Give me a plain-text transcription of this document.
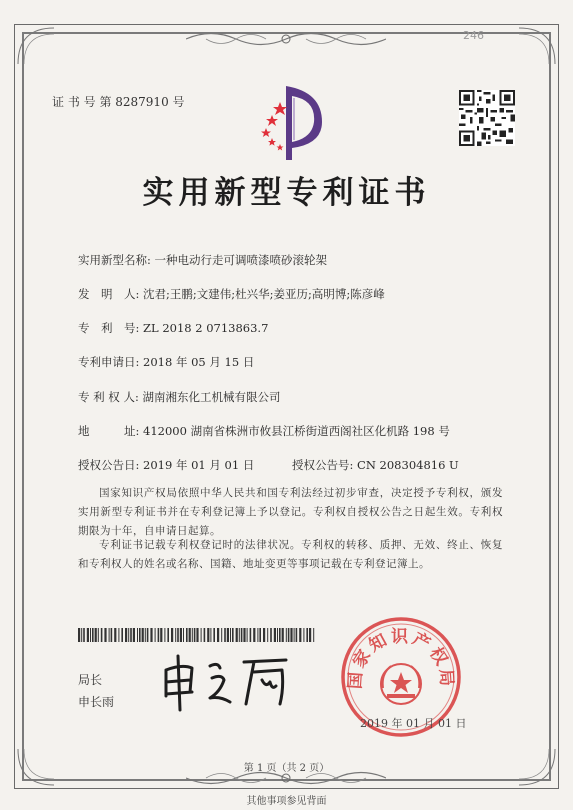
246
证 书 号 第 8287910 号
实用新型专利证书
实用新型名称: 一种电动行走可调喷漆喷砂滚轮架
发　明　人: 沈君;王鹏;文建伟;杜兴华;姜亚历;高明博;陈彦峰
专　利　号: ZL 2018 2 0713863.7
专利申请日: 2018 年 05 月 15 日
专 利 权 人: 湖南湘东化工机械有限公司
地　　　址: 412000 湖南省株洲市攸县江桥街道西阁社区化机路 198 号
授权公告日: 2019 年 01 月 01 日	授权公告号: CN 208304816 U
国家知识产权局依照中华人民共和国专利法经过初步审查，决定授予专利权，颁发实用新型专利证书并在专利登记簿上予以登记。专利权自授权公告之日起生效。专利权期限为十年，自申请日起算。
专利证书记载专利权登记时的法律状况。专利权的转移、质押、无效、终止、恢复和专利权人的姓名或名称、国籍、地址变更等事项记载在专利登记簿上。
局长
申长雨
国家知识产权局
2019 年 01 月 01 日
第 1 页（共 2 页）
其他事项参见背面
